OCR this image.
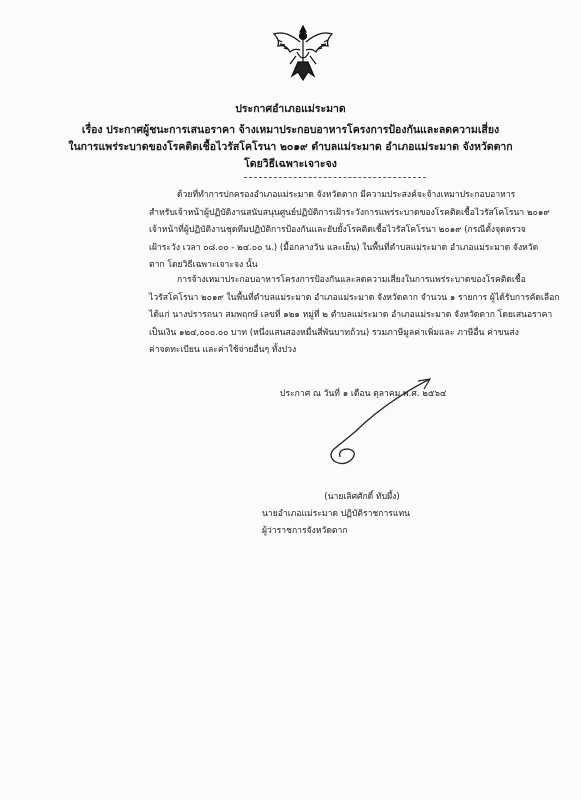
ประกาศอำเภอแม่ระมาด
เรื่อง ประกาศผู้ชนะการเสนอราคา จ้างเหมาประกอบอาหารโครงการป้องกันและลดความเสี่ยง
ในการแพร่ระบาดของโรคติดเชื้อไวรัสโคโรนา ๒๐๑๙ ตำบลแม่ระมาด อำเภอแม่ระมาด จังหวัดตาก
โดยวิธีเฉพาะเจาะจง
ด้วยที่ทำการปกครองอำเภอแม่ระมาด จังหวัดตาก มีความประสงค์จะจ้างเหมาประกอบอาหาร
สำหรับเจ้าหน้าผู้ปฏิบัติงานสนับสนุนศูนย์ปฏิบัติการเฝ้าระวังการแพร่ระบาดของโรคติดเชื้อไวรัสโคโรนา ๒๐๑๙
เจ้าหน้าที่ผู้ปฏิบัติงานชุดทีมปฏิบัติการป้องกันและยับยั้งโรคติดเชื้อไวรัสโคโรนา ๒๐๑๙ (กรณีตั้งจุดตรวจ
เฝ้าระวัง เวลา ๐๘.๐๐ - ๒๔.๐๐ น.) (มื้อกลางวัน และเย็น) ในพื้นที่ตำบลแม่ระมาด อำเภอแม่ระมาด จังหวัด
ตาก โดยวิธีเฉพาะเจาะจง นั้น
การจ้างเหมาประกอบอาหารโครงการป้องกันและลดความเสี่ยงในการแพร่ระบาดของโรคติดเชื้อ
ไวรัสโคโรนา ๒๐๑๙ ในพื้นที่ตำบลแม่ระมาด อำเภอแม่ระมาด จังหวัดตาก จำนวน ๑ รายการ ผู้ได้รับการคัดเลือก
ได้แก่ นางปรารถนา สมพฤกษ์ เลขที่ ๑๒๑ หมู่ที่ ๒ ตำบลแม่ระมาด อำเภอแม่ระมาด จังหวัดตาก โดยเสนอราคา
เป็นเงิน ๑๒๔,๐๐๐.๐๐ บาท (หนึ่งแสนสองหมื่นสี่พันบาทถ้วน) รวมภาษีมูลค่าเพิ่มและ ภาษีอื่น ค่าขนส่ง
ค่าจดทะเบียน และค่าใช้จ่ายอื่นๆ ทั้งปวง
ประกาศ ณ วันที่ ๑ เดือน ตุลาคม พ.ศ. ๒๕๖๔
(นายเลิศศักดิ์ ทับผึ้ง)
นายอำเภอแม่ระมาด ปฏิบัติราชการแทน
ผู้ว่าราชการจังหวัดตาก
